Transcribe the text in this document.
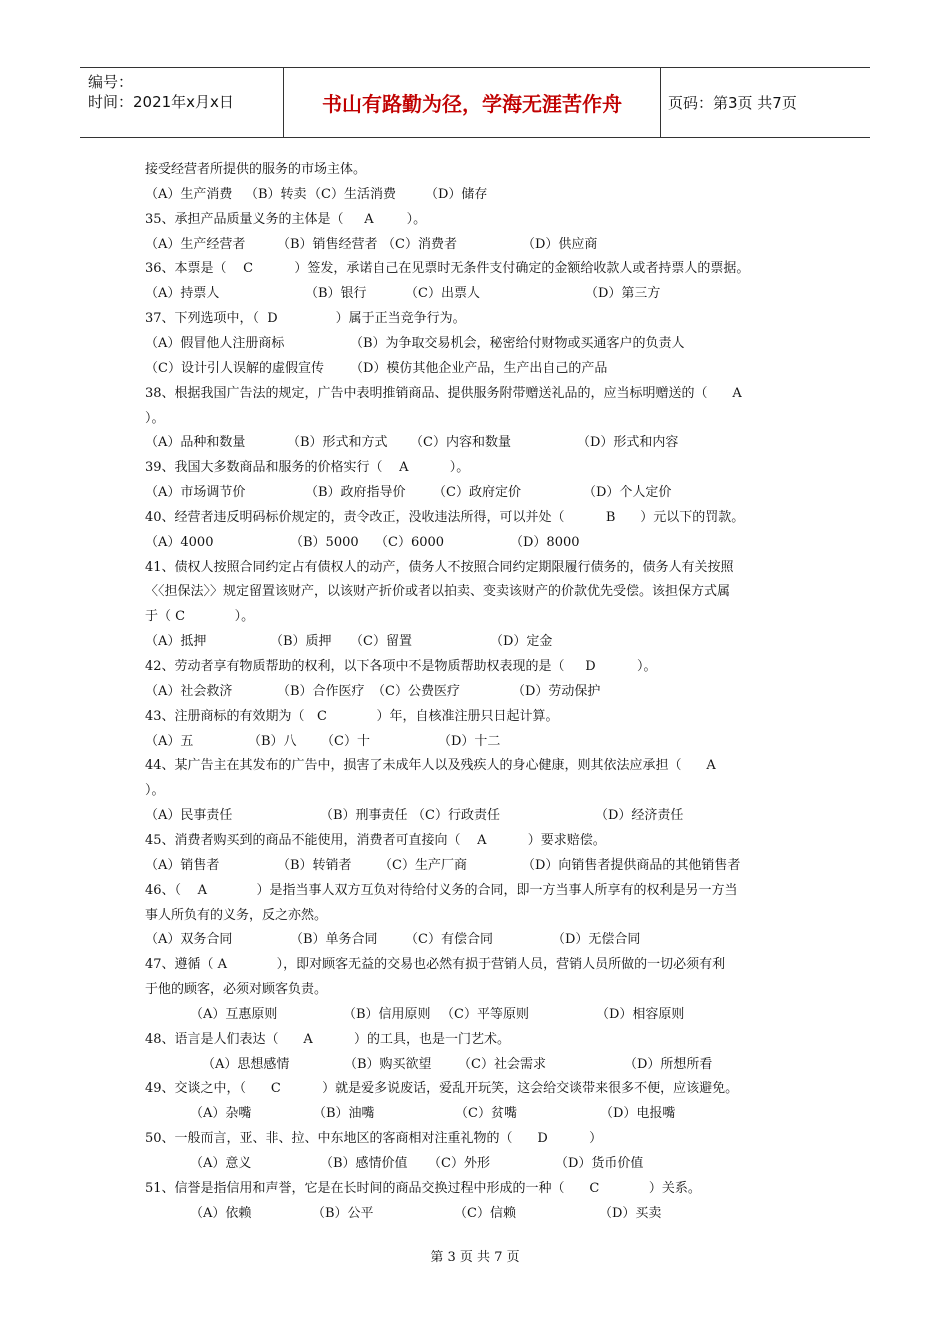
编号：
时间：2021年x月x日	书山有路勤为径，学海无涯苦作舟	页码：第3页 共7页
接受经营者所提供的服务的市场主体。
（A）生产消费 （B）转卖（C）生活消费 （D）储存
35、承担产品质量义务的主体是（     A        ）。
（A）生产经营者 （B）销售经营者 （C）消费者	（D）供应商
36、本票是（    C          ）签发，承诺自己在见票时无条件支付确定的金额给收款人或者持票人的票据。
（A）持票人	（B）银行	（C）出票人	（D）第三方
37、下列选项中，（  D              ）属于正当竞争行为。
（A）假冒他人注册商标	（B）为争取交易机会，秘密给付财物或买通客户的负责人
（C）设计引人误解的虚假宣传 （D）模仿其他企业产品，生产出自己的产品
38、根据我国广告法的规定，广告中表明推销商品、提供服务附带赠送礼品的，应当标明赠送的（      A
）。
（A）品种和数量	（B）形式和方式 （C）内容和数量	（D）形式和内容
39、我国大多数商品和服务的价格实行（    A          ）。
（A）市场调节价	（B）政府指导价 （C）政府定价	（D）个人定价
40、经营者违反明码标价规定的，责令改正，没收违法所得，可以并处（          B      ）元以下的罚款。
（A）4000	（B）5000 （C）6000	（D）8000
41、债权人按照合同约定占有债权人的动产，债务人不按照合同约定期限履行债务的，债务人有关按照
〈〈担保法〉〉规定留置该财产，以该财产折价或者以拍卖、变卖该财产的价款优先受偿。该担保方式属
于（ C            ）。
（A）抵押	（B）质押 （C）留置	（D）定金
42、劳动者享有物质帮助的权利，以下各项中不是物质帮助权表现的是（     D          ）。
（A）社会救济	（B）合作医疗 （C）公费医疗	（D）劳动保护
43、注册商标的有效期为（   C            ）年，自核准注册只日起计算。
（A）五	（B）八 （C）十	（D）十二
44、某广告主在其发布的广告中，损害了未成年人以及残疾人的身心健康，则其依法应承担（      A
）。
（A）民事责任	（B）刑事责任 （C）行政责任	（D）经济责任
45、消费者购买到的商品不能使用，消费者可直接向（    A          ）要求赔偿。
（A）销售者	（B）转销者 （C）生产厂商	（D）向销售者提供商品的其他销售者
46、（    A            ）是指当事人双方互负对待给付义务的合同，即一方当事人所享有的权利是另一方当
事人所负有的义务，反之亦然。
（A）双务合同	（B）单务合同 （C）有偿合同	（D）无偿合同
47、遵循（ A            ），即对顾客无益的交易也必然有损于营销人员，营销人员所做的一切必须有利
于他的顾客，必须对顾客负责。
（A）互惠原则	（B）信用原则 （C）平等原则	（D）相容原则
48、语言是人们表达（      A          ）的工具，也是一门艺术。
（A）思想感情	（B）购买欲望 （C）社会需求	（D）所想所看
49、交谈之中，（      C          ）就是爱多说废话，爱乱开玩笑，这会给交谈带来很多不便，应该避免。
（A）杂嘴	（B）油嘴	（C）贫嘴	（D）电报嘴
50、一般而言，亚、非、拉、中东地区的客商相对注重礼物的（      D          ）
（A）意义	（B）感情价值 （C）外形	（D）货币价值
51、信誉是指信用和声誉，它是在长时间的商品交换过程中形成的一种（      C            ）关系。
（A）依赖	（B）公平	（C）信赖	（D）买卖
第 3 页 共 7 页
